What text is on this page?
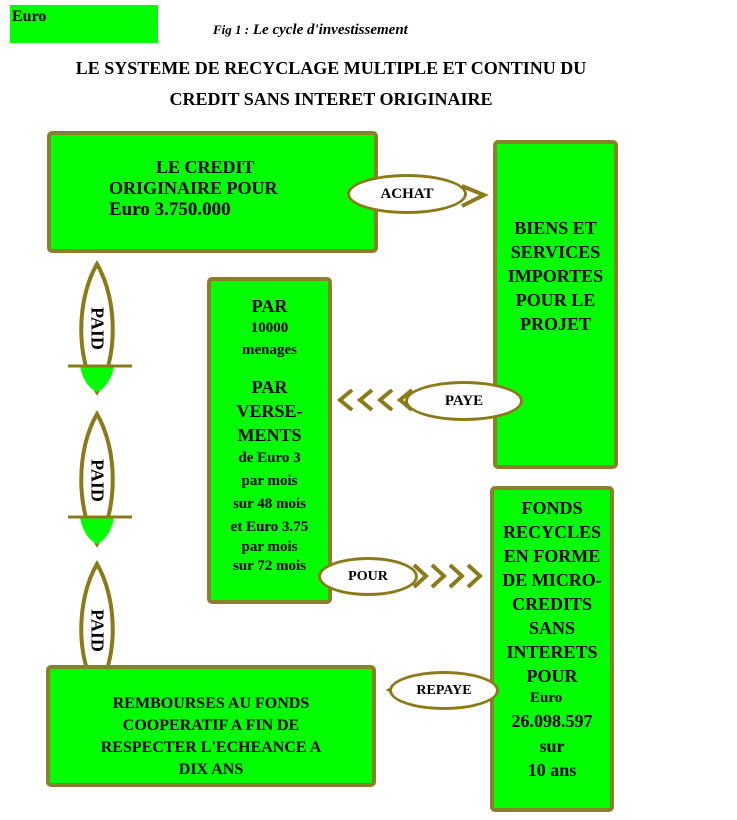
Euro
Fig 1 : Le cycle d'investissement
LE SYSTEME DE RECYCLAGE MULTIPLE ET CONTINU DU
CREDIT SANS INTERET ORIGINAIRE
PAID
PAID
PAID
LE CREDIT
ORIGINAIRE POUR
Euro 3.750.000
BIENS ET
SERVICES
IMPORTES
POUR LE
PROJET
PAR
10000
menages
PAR
VERSE-
MENTS
de Euro 3
par mois
sur 48 mois
et Euro 3.75
par mois
sur 72 mois
FONDS
RECYCLES
EN FORME
DE MICRO-
CREDITS
SANS
INTERETS
POUR
Euro
26.098.597
sur
10 ans
REMBOURSES AU FONDS
COOPERATIF A FIN DE
RESPECTER L'ECHEANCE A
DIX ANS
ACHAT
PAYE
POUR
REPAYE
